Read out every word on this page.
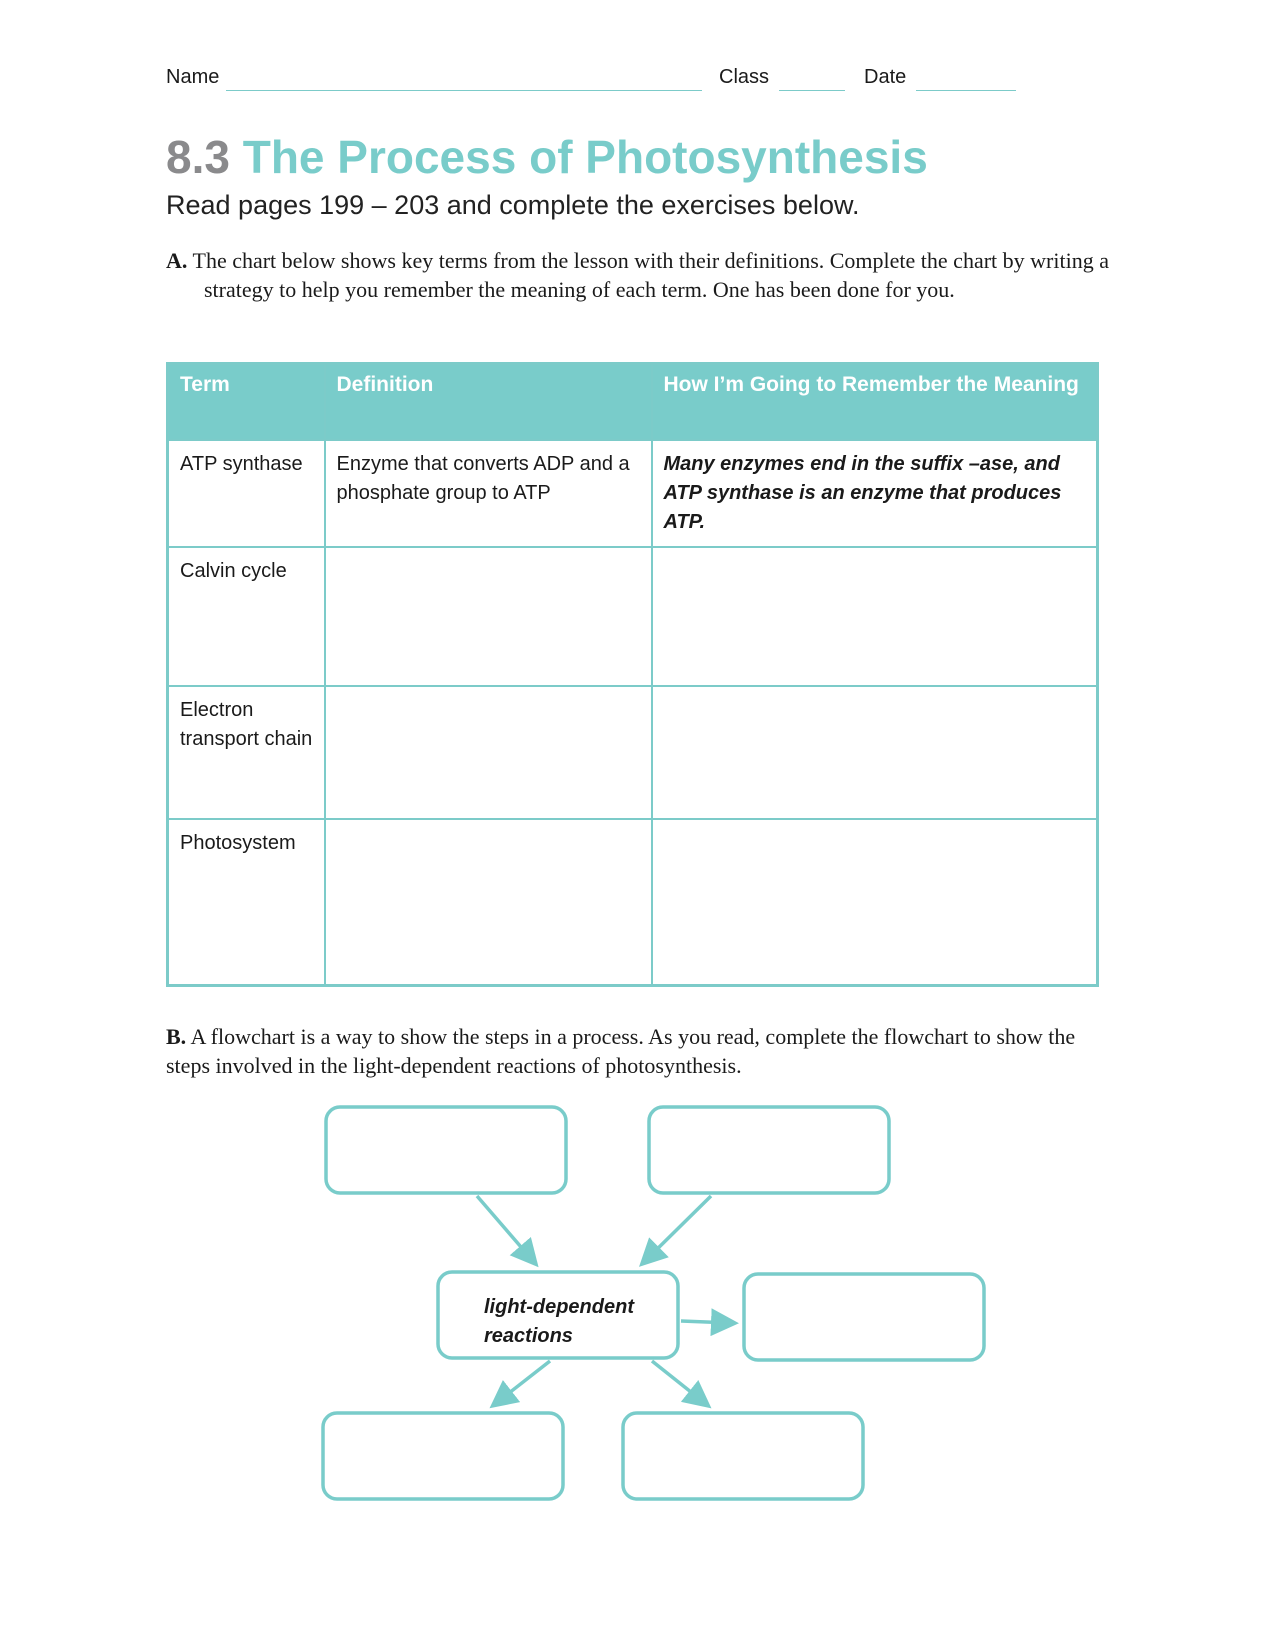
Name	Class	Date
8.3 The Process of Photosynthesis
Read pages 199 – 203 and complete the exercises below.
A. The chart below shows key terms from the lesson with their definitions. Complete the chart by writing a strategy to help you remember the meaning of each term. One has been done for you.
Term	Definition	How I’m Going to Remember the Meaning
ATP synthase	Enzyme that converts ADP and a phosphate group to ATP	Many enzymes end in the suffix –ase, and ATP synthase is an enzyme that produces ATP.
Calvin cycle		
Electron transport chain		
Photosystem		
B. A flowchart is a way to show the steps in a process. As you read, complete the flowchart to show the steps involved in the light-dependent reactions of photosynthesis.
light-dependent
reactions
